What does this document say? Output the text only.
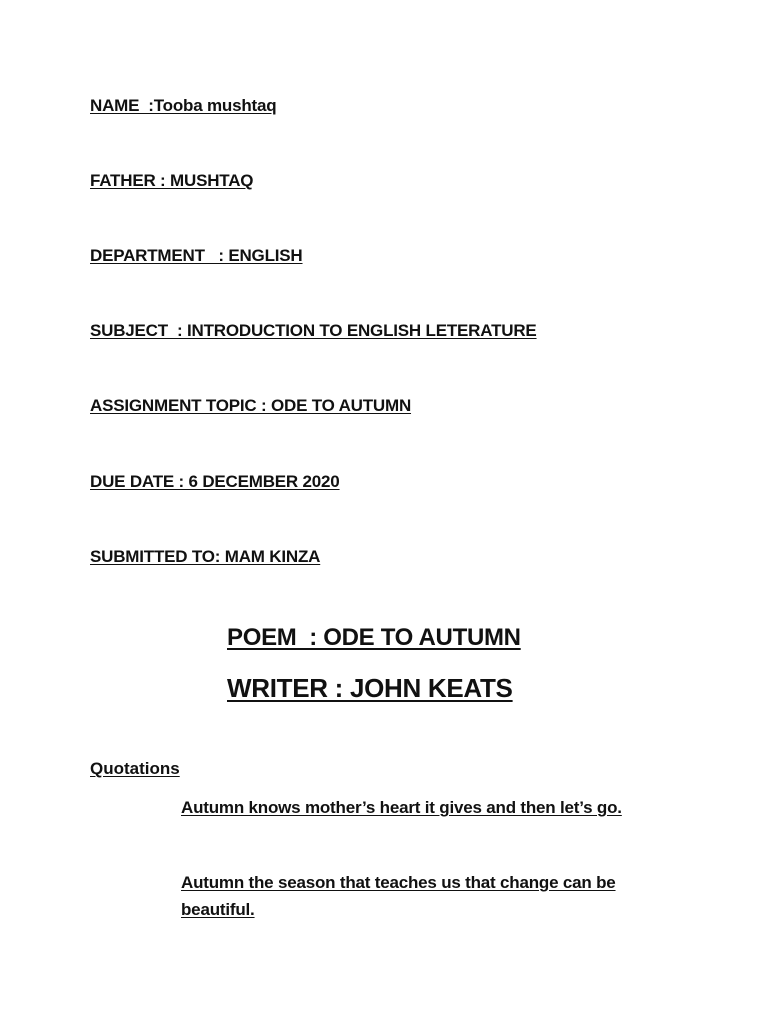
NAME  :Tooba mushtaq
FATHER : MUSHTAQ
DEPARTMENT   : ENGLISH
SUBJECT  : INTRODUCTION TO ENGLISH LETERATURE
ASSIGNMENT TOPIC : ODE TO AUTUMN
DUE DATE : 6 DECEMBER 2020
SUBMITTED TO: MAM KINZA
POEM  : ODE TO AUTUMN
WRITER : JOHN KEATS
Quotations
Autumn knows mother’s heart it gives and then let’s go.
Autumn the season that teaches us that change can be beautiful.
